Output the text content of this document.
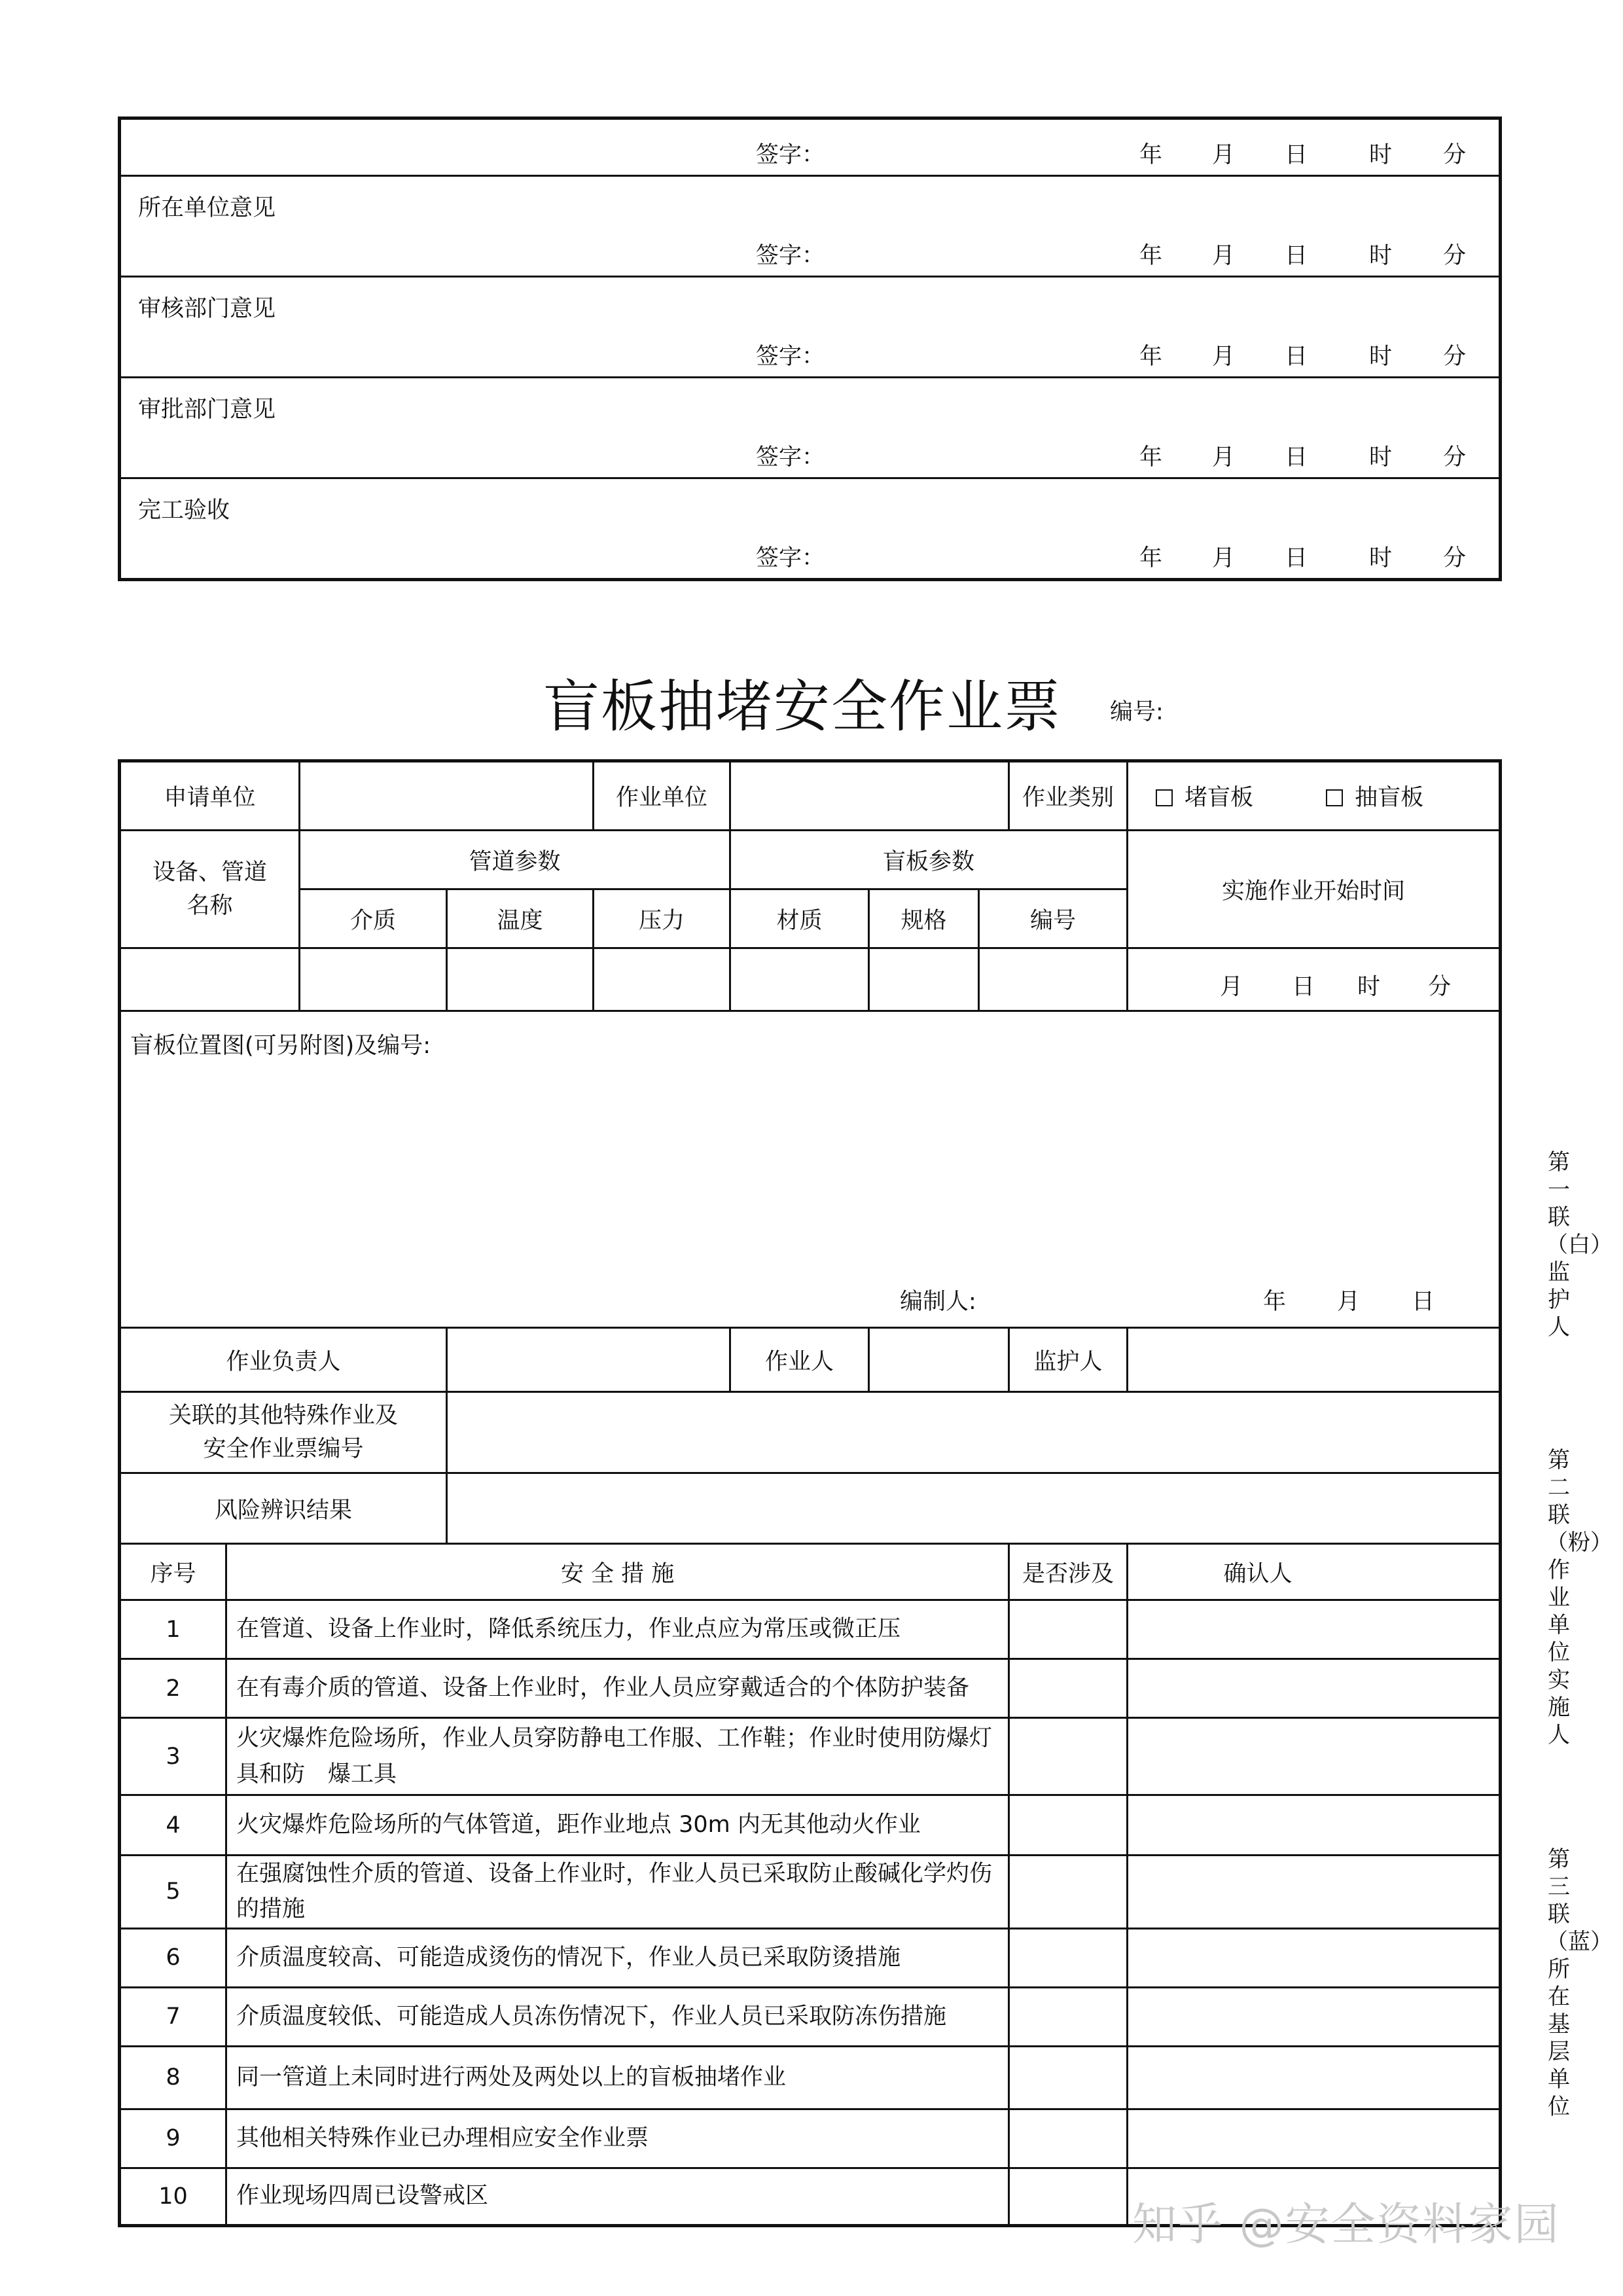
签字：	年 月 日	时 分

所在单位意见
签字：	年 月 日	时 分

审核部门意见
签字：	年 月 日	时 分

审批部门意见
签字：	年 月 日	时 分

完工验收
签字：	年 月 日	时 分
盲板抽堵安全作业票 编号:
申请单位				作业单位				作业类别	堵盲板 抽盲板

设备、管道
名称		管道参数			盲板参数				实施作业开始时间
		介质	温度	压力	材质	规格	编号		

									月 日 时 分

盲板位置图(可另附图)及编号:
编制人: 年 月 日									

作业负责人					作业人			监护人	

关联的其他特殊作业及
安全作业票编号									

风险辨识结果									
序号	安 全 措 施							是否涉及	确认人
1	在管道、设备上作业时，降低系统压力，作业点应为常压或微正压								
2	在有毒介质的管道、设备上作业时，作业人员应穿戴适合的个体防护装备								
3	火灾爆炸危险场所，作业人员穿防静电工作服、工作鞋；作业时使用防爆灯具和防　爆工具								
4	火灾爆炸危险场所的气体管道，距作业地点 30m 内无其他动火作业								
5	在强腐蚀性介质的管道、设备上作业时，作业人员已采取防止酸碱化学灼伤的措施								
6	介质温度较高、可能造成烫伤的情况下，作业人员已采取防烫措施								
7	介质温度较低、可能造成人员冻伤情况下，作业人员已采取防冻伤措施								
8	同一管道上未同时进行两处及两处以上的盲板抽堵作业								
9	其他相关特殊作业已办理相应安全作业票								
10	作业现场四周已设警戒区								
第一联（白）监护人
第二联（粉）作业单位实施人
第三联（蓝）所在基层单位
知乎 @安全资料家园
